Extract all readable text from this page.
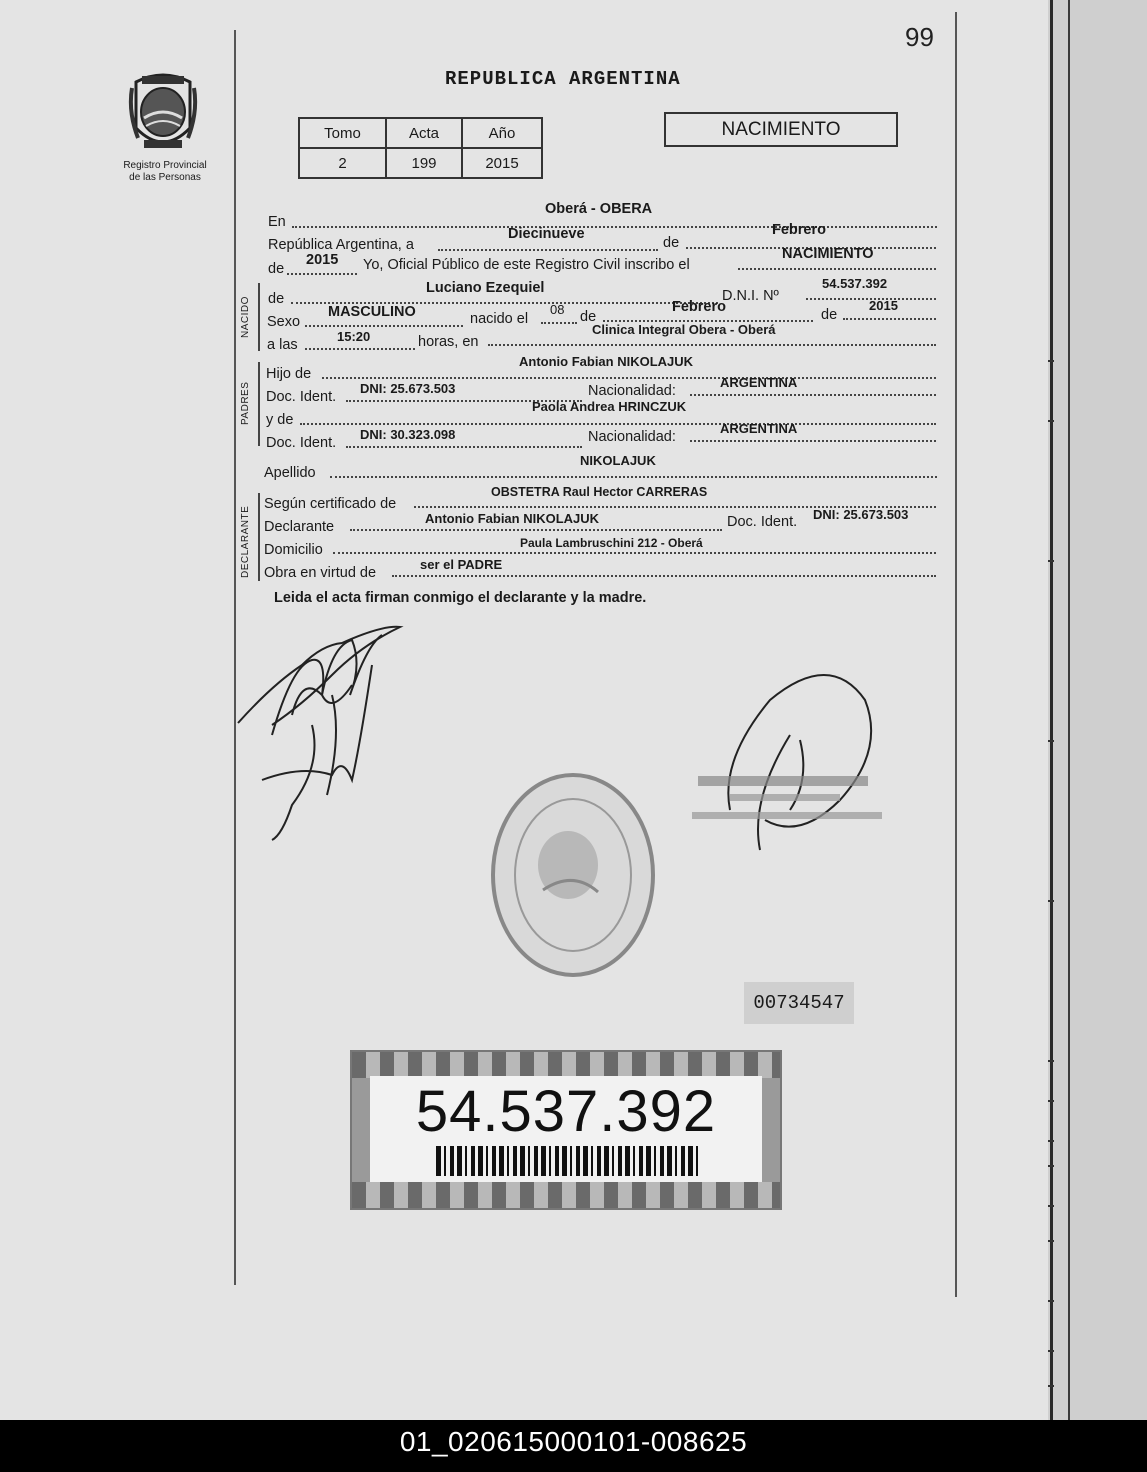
99
Registro Provincial
de las Personas
REPUBLICA ARGENTINA
Tomo	Acta	Año
2	199	2015
NACIMIENTO
En
Oberá - OBERA
República Argentina, a
Diecinueve
de
Febrero
de
2015 Yo, Oficial Público de este Registro Civil inscribo el
NACIMIENTO
NACIDO de
Luciano Ezequiel	D.N.I. Nº
54.537.392
Sexo
MASCULINO	nacido el
08 de
Febrero	de
2015
a las
15:20	horas, en
Clinica Integral Obera - Oberá
PADRES
Hijo de
Antonio Fabian NIKOLAJUK
Doc. Ident.
DNI: 25.673.503	Nacionalidad:
ARGENTINA
y de
Paola Andrea HRINCZUK
Doc. Ident.
DNI: 30.323.098	Nacionalidad:
ARGENTINA
Apellido
NIKOLAJUK
DECLARANTE
Según certificado de
OBSTETRA Raul Hector CARRERAS
Declarante
Antonio Fabian NIKOLAJUK	Doc. Ident. DNI: 25.673.503
Domicilio	Paula Lambruschini 212 - Oberá
Obra en virtud de
ser el PADRE
Leida el acta firman conmigo el declarante y la madre.
00734547
54.537.392
01_020615000101-008625
